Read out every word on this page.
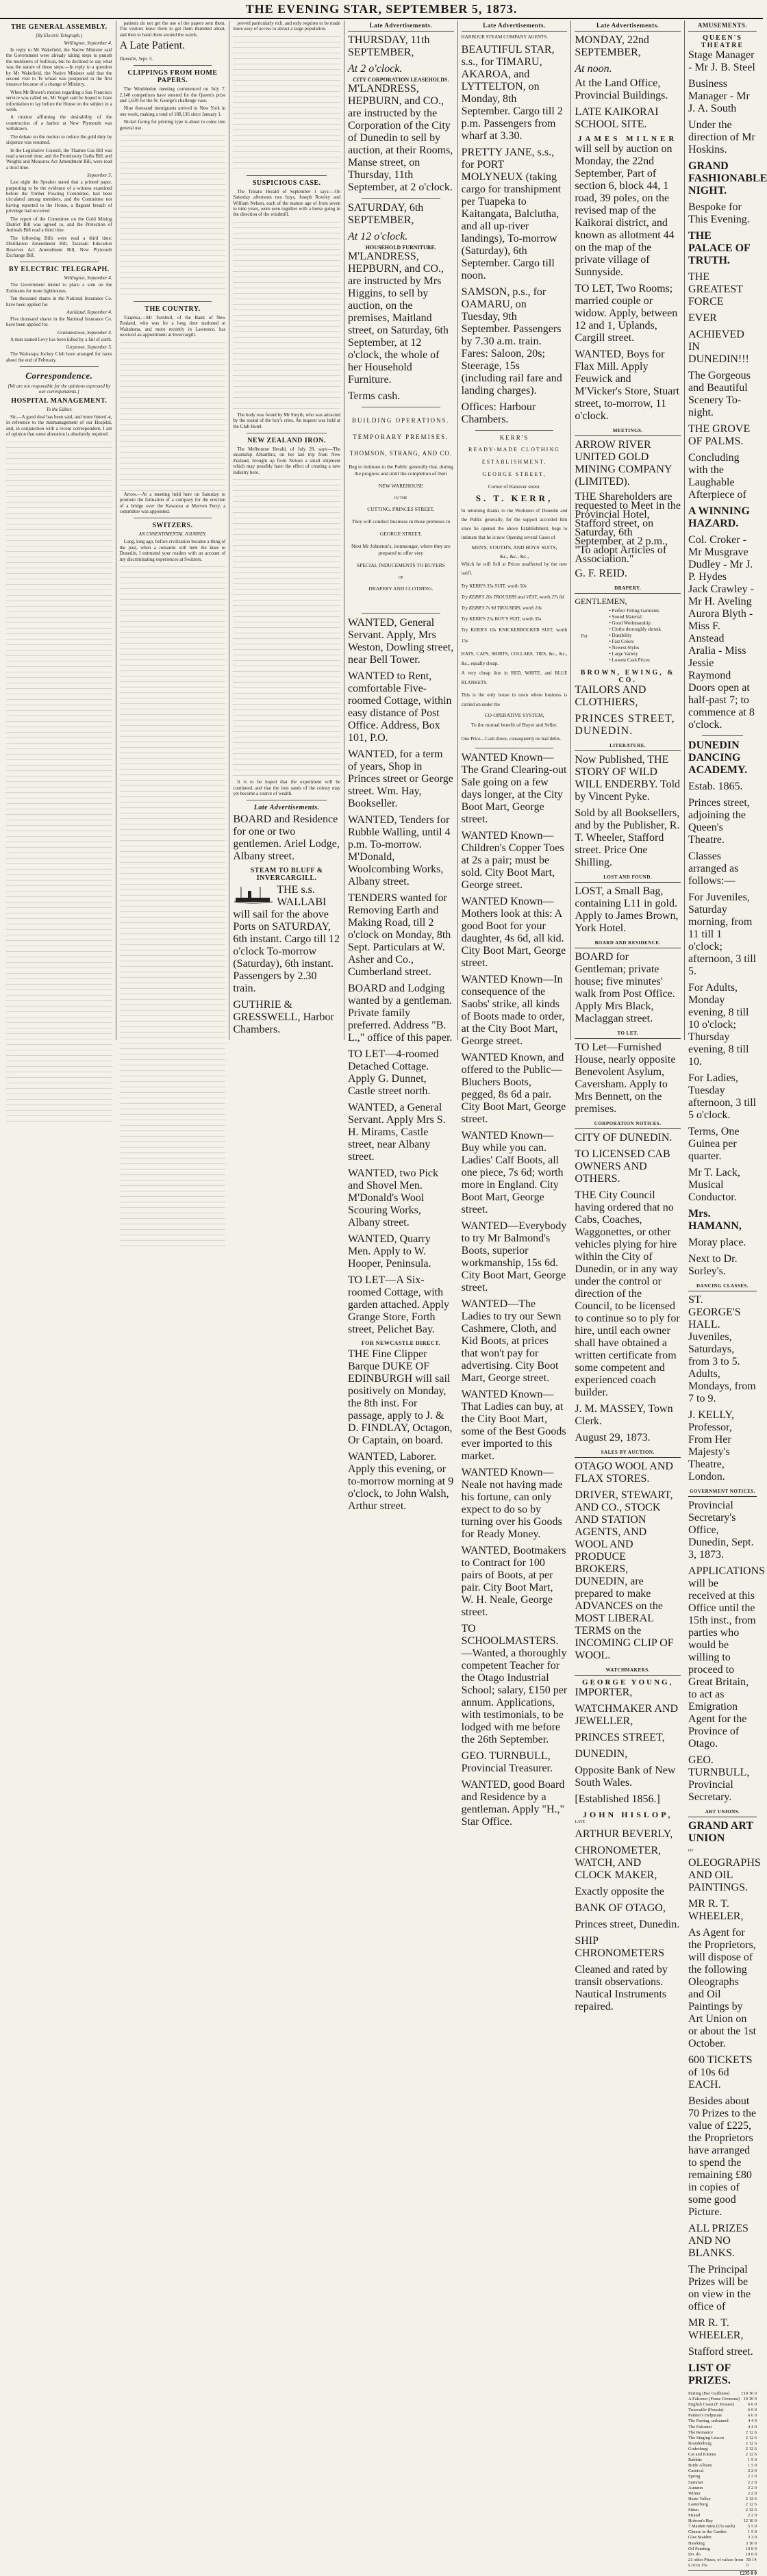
THE EVENING STAR, SEPTEMBER 5, 1873.
THE GENERAL ASSEMBLY.
[By Electric Telegraph.]
Wellington, September 4.

In reply to Mr Wakefield, the Native Minister said the Government were already taking steps to punish the murderers of Sullivan, but he declined to say what was the nature of those steps.—In reply to a question by Mr Wakefield, the Native Minister said that the second visit to Te whiao was postponed in the first instance because of a change of Ministry.

When Mr Brown's motion regarding a San Francisco service was called on, Mr Vogel said he hoped to have information to lay before the House on the subject in a week.

A motion affirming the desirability of the construction of a harbor at New Plymouth was withdrawn.

The debate on the motion to reduce the gold duty by sixpence was resumed.

In the Legislative Council, the Thames Gas Bill was read a second time; and the Promissory Oaths Bill, and Weights and Measures Act Amendment Bill, were read a third time.

September 5.

Last night the Speaker stated that a printed paper, purporting to be the evidence of a witness examined before the Timber Floating Committee, had been circulated among members, and the Committee not having reported to the House, a flagrant breach of privilege had occurred.

The report of the Committee on the Gold Mining District Bill was agreed to, and the Protection of Animals Bill read a third time.

The following Bills were read a third time: Distillation Amendment Bill, Taranaki Education Reserves Act Amendment Bill, New Plymouth Exchange Bill.

BY ELECTRIC TELEGRAPH.
Wellington, September 4.

The Government intend to place a sum on the Estimates for more lighthouses.

Ten thousand shares in the National Insurance Co. have been applied for.

Auckland, September 4.

Five thousand shares in the National Insurance Co. have been applied for.

Grahamstown, September 4.

A man named Levy has been killed by a fall of earth.

Greytown, September 5.

The Wairarapa Jockey Club have arranged for races about the end of February.

Correspondence.
[We are not responsible for the opinions expressed by our correspondents.]
HOSPITAL MANAGEMENT.
To the Editor.

Sir,—A good deal has been said, and more hinted at, in reference to the mismanagement of our Hospital, and, in conjunction with a recent correspondent, I am of opinion that some alteration is absolutely required.

patients do not get the use of the papers sent them. The visitors leave them to get them thumbed about, and then to hand them around the wards.

A Late Patient.
Dunedin, Sept. 5.
CLIPPINGS FROM HOME PAPERS.

The Wimbledon meeting commenced on July 7. 2,140 competitors have entered for the Queen's prize and 1,639 for the St. George's challenge vase.

Nine thousand immigrants arrived in New York in one week, making a total of 188,136 since January 1.

Nickel facing for printing type is about to come into general use.

THE COUNTRY.

Tuapeka.—Mr Turnbull, of the Bank of New Zealand, who was for a long time stationed at Waitahuna, and more recently in Lawrence, has received an appointment at Invercargill.

Arrow.—At a meeting held here on Saturday to promote the formation of a company for the erection of a bridge over the Kawarau at Morven Ferry, a committee was appointed.

SWITZERS.
AN UNSENTIMENTAL JOURNEY.

Long, long ago, before civilisation became a thing of the past, when a romantic still bent the knee to Dunedin, I entrusted your readers with an account of my discriminating experiences at Switzers.

proved particularly rich, and only requires to be made more easy of access to attract a large population.

SUSPICIOUS CASE.

The Timaru Herald of September 1 says:—On Saturday afternoon two boys, Joseph Rowley and William Nelson, each of the mature age of from seven to nine years, were seen together with a horse going in the direction of the windmill.

The body was found by Mr Smyth, who was attracted by the sound of the boy's cries. An inquest was held at the Club Hotel.

NEW ZEALAND IRON.

The Melbourne Herald, of July 28, says:—The steamship Alhambra, on her last trip from New Zealand, brought up from Nelson a small shipment which may possibly have the effect of creating a new industry here.

It is to be hoped that the experiment will be continued, and that the iron sands of the colony may yet become a source of wealth.

Late Advertisements.
BOARD and Residence for one or two gentlemen. Ariel Lodge, Albany street.
STEAM TO BLUFF & INVERCARGILL.
THE s.s. WALLABI will sail for the above Ports on SATURDAY, 6th instant. Cargo till 12 o'clock To-morrow (Saturday), 6th instant. Passengers by 2.30 train.
GUTHRIE & GRESSWELL, Harbor Chambers.
Late Advertisements.
THURSDAY, 11th SEPTEMBER,
At 2 o'clock.
CITY CORPORATION LEASEHOLDS.
M'LANDRESS, HEPBURN, and CO., are instructed by the Corporation of the City of Dunedin to sell by auction, at their Rooms, Manse street, on Thursday, 11th September, at 2 o'clock.
SATURDAY, 6th SEPTEMBER,
At 12 o'clock.
HOUSEHOLD FURNITURE.
M'LANDRESS, HEPBURN, and CO., are instructed by Mrs Higgins, to sell by auction, on the premises, Maitland street, on Saturday, 6th September, at 12 o'clock, the whole of her Household Furniture.
Terms cash.
BUILDING OPERATIONS.
TEMPORARY PREMISES.
THOMSON, STRANG, AND CO.
Beg to intimate to the Public generally that, during the progress and until the completion of their
NEW WAREHOUSE
IN THE
CUTTING, PRINCES STREET,
They will conduct business in those premises in
GEORGE STREET,
Next Mr Johnston's, ironmonger, where they are prepared to offer very
SPECIAL INDUCEMENTS TO BUYERS
OF
DRAPERY AND CLOTHING.
WANTED, General Servant. Apply, Mrs Weston, Dowling street, near Bell Tower.
WANTED to Rent, comfortable Five-roomed Cottage, within easy distance of Post Office. Address, Box 101, P.O.
WANTED, for a term of years, Shop in Princes street or George street. Wm. Hay, Bookseller.
WANTED, Tenders for Rubble Walling, until 4 p.m. To-morrow. M'Donald, Woolcombing Works, Albany street.
TENDERS wanted for Removing Earth and Making Road, till 2 o'clock on Monday, 8th Sept. Particulars at W. Asher and Co., Cumberland street.
BOARD and Lodging wanted by a gentleman. Private family preferred. Address "B. L.," office of this paper.
TO LET—4-roomed Detached Cottage. Apply G. Dunnet, Castle street north.
WANTED, a General Servant. Apply Mrs S. H. Mirams, Castle street, near Albany street.
WANTED, two Pick and Shovel Men. M'Donald's Wool Scouring Works, Albany street.
WANTED, Quarry Men. Apply to W. Hooper, Peninsula.
TO LET—A Six-roomed Cottage, with garden attached. Apply Grange Store, Forth street, Pelichet Bay.
FOR NEWCASTLE DIRECT.
THE Fine Clipper Barque DUKE OF EDINBURGH will sail positively on Monday, the 8th inst. For passage, apply to J. & D. FINDLAY, Octagon, Or Captain, on board.
WANTED, Laborer. Apply this evening, or to-morrow morning at 9 o'clock, to John Walsh, Arthur street.
Late Advertisements.
HARBOUR STEAM COMPANY AGENTS.
BEAUTIFUL STAR, s.s., for TIMARU, AKAROA, and LYTTELTON, on Monday, 8th September. Cargo till 2 p.m. Passengers from wharf at 3.30.
PRETTY JANE, s.s., for PORT MOLYNEUX (taking cargo for transhipment per Tuapeka to Kaitangata, Balclutha, and all up-river landings), To-morrow (Saturday), 6th September. Cargo till noon.
SAMSON, p.s., for OAMARU, on Tuesday, 9th September. Passengers by 7.30 a.m. train. Fares: Saloon, 20s; Steerage, 15s (including rail fare and landing charges).
Offices: Harbour Chambers.
KERR'S
READY-MADE CLOTHING
ESTABLISHMENT,
GEORGE STREET,
Corner of Hanover street.
S. T. KERR,
In returning thanks to the Workmen of Dunedin and the Public generally, for the support accorded him since he opened the above Establishment, begs to intimate that he is now Opening several Cases of
MEN'S, YOUTH'S, AND BOYS' SUITS,
&c., &c., &c.,
Which he will Sell at Prices unaffected by the new tariff.
Try KERR'S 35s SUIT, worth 50s
Try KERR'S 20s TROUSERS and VEST, worth 27s 6d
Try KERR'S 7s 9d TROUSERS, worth 10s
Try KERR'S 25s BOY'S SUIT, worth 35s
Try KERR'S 10s KNICKERBOCKER SUIT, worth 15s
HATS, CAPS, SHIRTS, COLLARS, TIES, &c., &c., &c., equally cheap.
A very cheap line in RED, WHITE, and BLUE BLANKETS.
This is the only house in town where business is carried on under the
CO-OPERATIVE SYSTEM,
To the mutual benefit of Buyer and Seller.
One Price—Cash down, consequently no bad debts.
WANTED Known—The Grand Clearing-out Sale going on a few days longer, at the City Boot Mart, George street.
WANTED Known—Children's Copper Toes at 2s a pair; must be sold. City Boot Mart, George street.
WANTED Known—Mothers look at this: A good Boot for your daughter, 4s 6d, all kid. City Boot Mart, George street.
WANTED Known—In consequence of the Saobs' strike, all kinds of Boots made to order, at the City Boot Mart, George street.
WANTED Known, and offered to the Public—Bluchers Boots, pegged, 8s 6d a pair. City Boot Mart, George street.
WANTED Known—Buy while you can. Ladies' Calf Boots, all one piece, 7s 6d; worth more in England. City Boot Mart, George street.
WANTED—Everybody to try Mr Balmond's Boots, superior workmanship, 15s 6d. City Boot Mart, George street.
WANTED—The Ladies to try our Sewn Cashmere, Cloth, and Kid Boots, at prices that won't pay for advertising. City Boot Mart, George street.
WANTED Known—That Ladies can buy, at the City Boot Mart, some of the Best Goods ever imported to this market.
WANTED Known—Neale not having made his fortune, can only expect to do so by turning over his Goods for Ready Money.
WANTED, Bootmakers to Contract for 100 pairs of Boots, at per pair. City Boot Mart, W. H. Neale, George street.
TO SCHOOLMASTERS.—Wanted, a thoroughly competent Teacher for the Otago Industrial School; salary, £150 per annum. Applications, with testimonials, to be lodged with me before the 26th September.
GEO. TURNBULL, Provincial Treasurer.
WANTED, good Board and Residence by a gentleman. Apply "H.," Star Office.
Late Advertisements.
MONDAY, 22nd SEPTEMBER,
At noon.
At the Land Office, Provincial Buildings.
LATE KAIKORAI SCHOOL SITE.
JAMES MILNER
will sell by auction on Monday, the 22nd September, Part of section 6, block 44, 1 road, 39 poles, on the revised map of the Kaikorai district, and known as allotment 44 on the map of the private village of Sunnyside.
TO LET, Two Rooms; married couple or widow. Apply, between 12 and 1, Uplands, Cargill street.
WANTED, Boys for Flax Mill. Apply Feuwick and M'Vicker's Store, Stuart street, to-morrow, 11 o'clock.
MEETINGS.
ARROW RIVER UNITED GOLD MINING COMPANY (LIMITED).
THE Shareholders are requested to Meet in the Provincial Hotel, Stafford street, on Saturday, 6th September, at 2 p.m., "To adopt Articles of Association."
G. F. REID.
DRAPERY.
GENTLEMEN,
For
• Perfect Fitting Garments
• Sound Material
• Good Workmanship
• Cloths thoroughly shrunk
• Durability
• Fast Colors
• Newest Styles
• Large Variety
• Lowest Cash Prices
BROWN, EWING, & CO.
TAILORS AND CLOTHIERS,
PRINCES STREET, DUNEDIN.
LITERATURE.
Now Published, THE STORY OF WILD WILL ENDERBY. Told by Vincent Pyke.
Sold by all Booksellers, and by the Publisher, R. T. Wheeler, Stafford street. Price One Shilling.
LOST AND FOUND.
LOST, a Small Bag, containing L11 in gold. Apply to James Brown, York Hotel.
BOARD AND RESIDENCE.
BOARD for Gentleman; private house; five minutes' walk from Post Office. Apply Mrs Black, Maclaggan street.
TO LET.
TO Let—Furnished House, nearly opposite Benevolent Asylum, Caversham. Apply to Mrs Bennett, on the premises.
CORPORATION NOTICES.
CITY OF DUNEDIN.
TO LICENSED CAB OWNERS AND OTHERS.
THE City Council having ordered that no Cabs, Coaches, Waggonettes, or other vehicles plying for hire within the City of Dunedin, or in any way under the control or direction of the Council, to be licensed to continue so to ply for hire, until each owner shall have obtained a written certificate from some competent and experienced coach builder.
J. M. MASSEY, Town Clerk.
August 29, 1873.
SALES BY AUCTION.
OTAGO WOOL AND FLAX STORES.
DRIVER, STEWART, AND CO., STOCK AND STATION AGENTS, AND WOOL AND PRODUCE BROKERS, DUNEDIN, are prepared to make ADVANCES on the MOST LIBERAL TERMS on the INCOMING CLIP OF WOOL.
WATCHMAKERS.
GEORGE YOUNG,
IMPORTER,
WATCHMAKER AND JEWELLER,
PRINCES STREET,
DUNEDIN,
Opposite Bank of New South Wales.
[Established 1856.]
JOHN HISLOP,
LATE
ARTHUR BEVERLY,
CHRONOMETER, WATCH, AND CLOCK MAKER,
Exactly opposite the
BANK OF OTAGO,
Princes street, Dunedin.
SHIP CHRONOMETERS
Cleaned and rated by transit observations. Nautical Instruments repaired.
AMUSEMENTS.
QUEEN'S THEATRE
Stage Manager - Mr J. B. Steel
Business Manager - Mr J. A. South
Under the direction of Mr Hoskins.
GRAND FASHIONABLE NIGHT.
Bespoke for This Evening.
THE PALACE OF TRUTH.
THE GREATEST FORCE
EVER
ACHIEVED IN DUNEDIN!!!
The Gorgeous and Beautiful Scenery To-night.
THE GROVE OF PALMS.
Concluding with the Laughable Afterpiece of
A WINNING HAZARD.
Col. Croker - Mr Musgrave
Dudley - Mr J. P. Hydes
Jack Crawley - Mr H. Aveling
Aurora Blyth - Miss F. Anstead
Aralia - Miss Jessie Raymond
Doors open at half-past 7; to commence at 8 o'clock.
DUNEDIN DANCING ACADEMY.
Estab. 1865.
Princes street, adjoining the Queen's Theatre.
Classes arranged as follows:—
For Juveniles, Saturday morning, from 11 till 1 o'clock; afternoon, 3 till 5.
For Adults, Monday evening, 8 till 10 o'clock; Thursday evening, 8 till 10.
For Ladies, Tuesday afternoon, 3 till 5 o'clock.
Terms, One Guinea per quarter.
Mr T. Lack, Musical Conductor.
Mrs. HAMANN,
Moray place.
Next to Dr. Sorley's.
DANCING CLASSES.
ST. GEORGE'S HALL. Juveniles, Saturdays, from 3 to 5. Adults, Mondays, from 7 to 9.
J. KELLY, Professor, From Her Majesty's Theatre, London.
GOVERNMENT NOTICES.
Provincial Secretary's Office, Dunedin, Sept. 3, 1873.
APPLICATIONS will be received at this Office until the 15th inst., from parties who would be willing to proceed to Great Britain, to act as Emigration Agent for the Province of Otago.
GEO. TURNBULL, Provincial Secretary.
ART UNIONS.
GRAND ART UNION
OF
OLEOGRAPHS AND OIL PAINTINGS.
MR R. T. WHEELER,
As Agent for the Proprietors, will dispose of the following Oleographs and Oil Paintings by Art Union on or about the 1st October.
600 TICKETS of 10s 6d EACH.
Besides about 70 Prizes to the value of £225, the Proprietors have arranged to spend the remaining £80 in copies of some good Picture.
ALL PRIZES AND NO BLANKS.
The Principal Prizes will be on view in the office of
MR R. T. WHEELER,
Stafford street.
LIST OF PRIZES.
Parting (Bar Guilliano)	£10 10 0
A Falconer (Franz Cremona) 10 10 0
English Coast (F. Krause)	6 6 0
Trouvaille (Prussia)	6 6 0
Painter's Helpmate	6 6 0
The Parting, unframed	4 4 0
The Falconer	4 4 0
The Romance	2 12 6
The Singing Lesson	2 12 6
Brandenburg	2 12 6
Godesburg	2 12 6
Cat and Kittens	2 12 6
Rabbits	1 5 0
Bride Albano	1 5 0
Carnival	2 2 0
Spring	2 2 0
Summer	2 2 0
Autumn	2 2 0
Winter	2 2 0
Haste Valley	2 12 6
Lauterburg	2 12 6
Sitten	2 12 6
Strand	2 2 0
Hobson's Bay	12 10 0
7 Maiden ruins (15s each)	5 5 0
Cheese in the Garden	1 5 0
Glee Maiden	3 3 0
Hawking	3 10 0
Oil Painting	10 0 0
Do. do.	10 0 0
21 other Prizes, of values from L10 to 15s
58 14 0
£235 0 0
